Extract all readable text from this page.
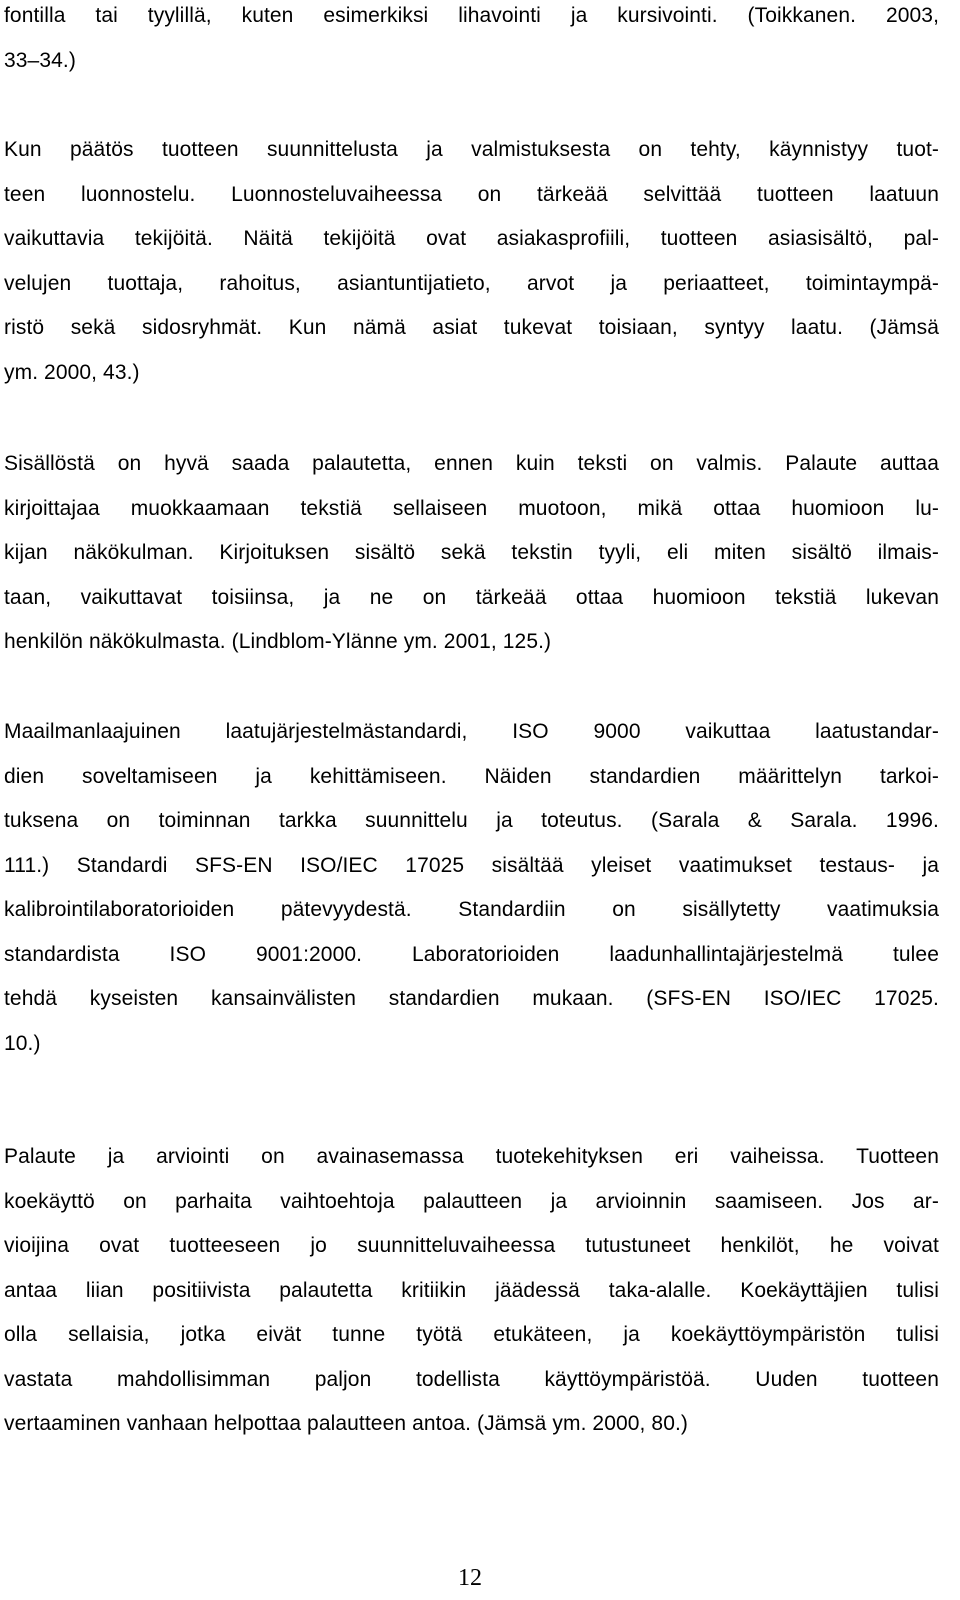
fontilla tai tyylillä, kuten esimerkiksi lihavointi ja kursivointi. (Toikkanen. 2003,
33–34.)

Kun päätös tuotteen suunnittelusta ja valmistuksesta on tehty, käynnistyy tuot-
teen luonnostelu. Luonnosteluvaiheessa on tärkeää selvittää tuotteen laatuun
vaikuttavia tekijöitä. Näitä tekijöitä ovat asiakasprofiili, tuotteen asiasisältö, pal-
velujen tuottaja, rahoitus, asiantuntijatieto, arvot ja periaatteet, toimintaympä-
ristö sekä sidosryhmät. Kun nämä asiat tukevat toisiaan, syntyy laatu. (Jämsä
ym. 2000, 43.)

Sisällöstä on hyvä saada palautetta, ennen kuin teksti on valmis. Palaute auttaa
kirjoittajaa muokkaamaan tekstiä sellaiseen muotoon, mikä ottaa huomioon lu-
kijan näkökulman. Kirjoituksen sisältö sekä tekstin tyyli, eli miten sisältö ilmais-
taan, vaikuttavat toisiinsa, ja ne on tärkeää ottaa huomioon tekstiä lukevan
henkilön näkökulmasta. (Lindblom-Ylänne ym. 2001, 125.)

Maailmanlaajuinen laatujärjestelmästandardi, ISO 9000 vaikuttaa laatustandar-
dien soveltamiseen ja kehittämiseen. Näiden standardien määrittelyn tarkoi-
tuksena on toiminnan tarkka suunnittelu ja toteutus. (Sarala & Sarala. 1996.
111.) Standardi SFS-EN ISO/IEC 17025 sisältää yleiset vaatimukset testaus- ja
kalibrointilaboratorioiden pätevyydestä. Standardiin on sisällytetty vaatimuksia
standardista ISO 9001:2000. Laboratorioiden laadunhallintajärjestelmä tulee
tehdä kyseisten kansainvälisten standardien mukaan. (SFS-EN ISO/IEC 17025.
10.)

Palaute ja arviointi on avainasemassa tuotekehityksen eri vaiheissa. Tuotteen
koekäyttö on parhaita vaihtoehtoja palautteen ja arvioinnin saamiseen. Jos ar-
vioijina ovat tuotteeseen jo suunnitteluvaiheessa tutustuneet henkilöt, he voivat
antaa liian positiivista palautetta kritiikin jäädessä taka-alalle. Koekäyttäjien tulisi
olla sellaisia, jotka eivät tunne työtä etukäteen, ja koekäyttöympäristön tulisi
vastata mahdollisimman paljon todellista käyttöympäristöä. Uuden tuotteen
vertaaminen vanhaan helpottaa palautteen antoa. (Jämsä ym. 2000, 80.)

12
